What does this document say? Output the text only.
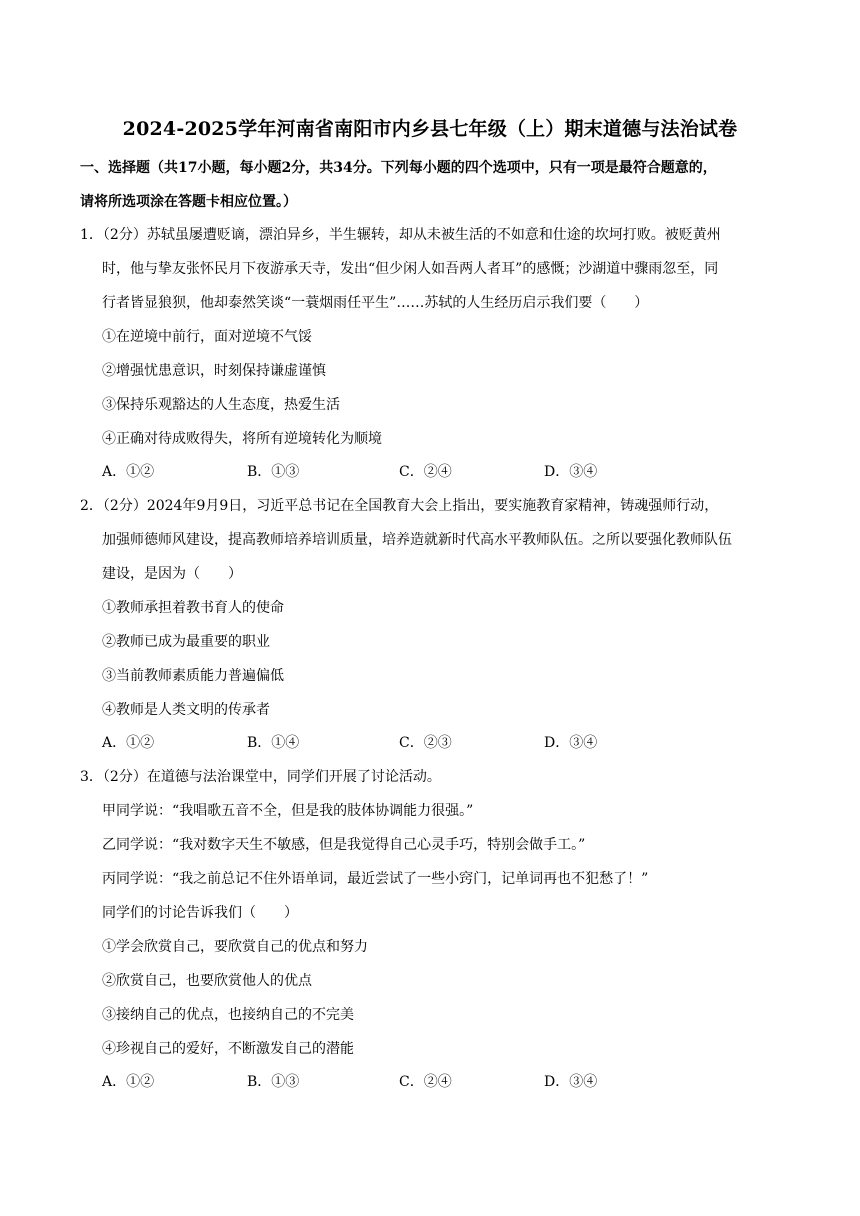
2024-2025学年河南省南阳市内乡县七年级（上）期末道德与法治试卷
一、选择题（共17小题，每小题2分，共34分。下列每小题的四个选项中，只有一项是最符合题意的，
请将所选项涂在答题卡相应位置。）
1．（2分）苏轼虽屡遭贬谪，漂泊异乡，半生辗转，却从未被生活的不如意和仕途的坎坷打败。被贬黄州
时，他与挚友张怀民月下夜游承天寺，发出“但少闲人如吾两人者耳”的感慨；沙湖道中骤雨忽至，同
行者皆显狼狈，他却泰然笑谈“一蓑烟雨任平生”……苏轼的人生经历启示我们要（　　）
①在逆境中前行，面对逆境不气馁
②增强忧患意识，时刻保持谦虚谨慎
③保持乐观豁达的人生态度，热爱生活
④正确对待成败得失，将所有逆境转化为顺境
A．①②	B．①③	C．②④	D．③④
2．（2分）2024年9月9日，习近平总书记在全国教育大会上指出，要实施教育家精神，铸魂强师行动，
加强师德师风建设，提高教师培养培训质量，培养造就新时代高水平教师队伍。之所以要强化教师队伍
建设，是因为（　　）
①教师承担着教书育人的使命
②教师已成为最重要的职业
③当前教师素质能力普遍偏低
④教师是人类文明的传承者
A．①②	B．①④	C．②③	D．③④
3．（2分）在道德与法治课堂中，同学们开展了讨论活动。
甲同学说：“我唱歌五音不全，但是我的肢体协调能力很强。”
乙同学说：“我对数字天生不敏感，但是我觉得自己心灵手巧，特别会做手工。”
丙同学说：“我之前总记不住外语单词，最近尝试了一些小窍门，记单词再也不犯愁了！”
同学们的讨论告诉我们（　　）
①学会欣赏自己，要欣赏自己的优点和努力
②欣赏自己，也要欣赏他人的优点
③接纳自己的优点，也接纳自己的不完美
④珍视自己的爱好，不断激发自己的潜能
A．①②	B．①③	C．②④	D．③④
